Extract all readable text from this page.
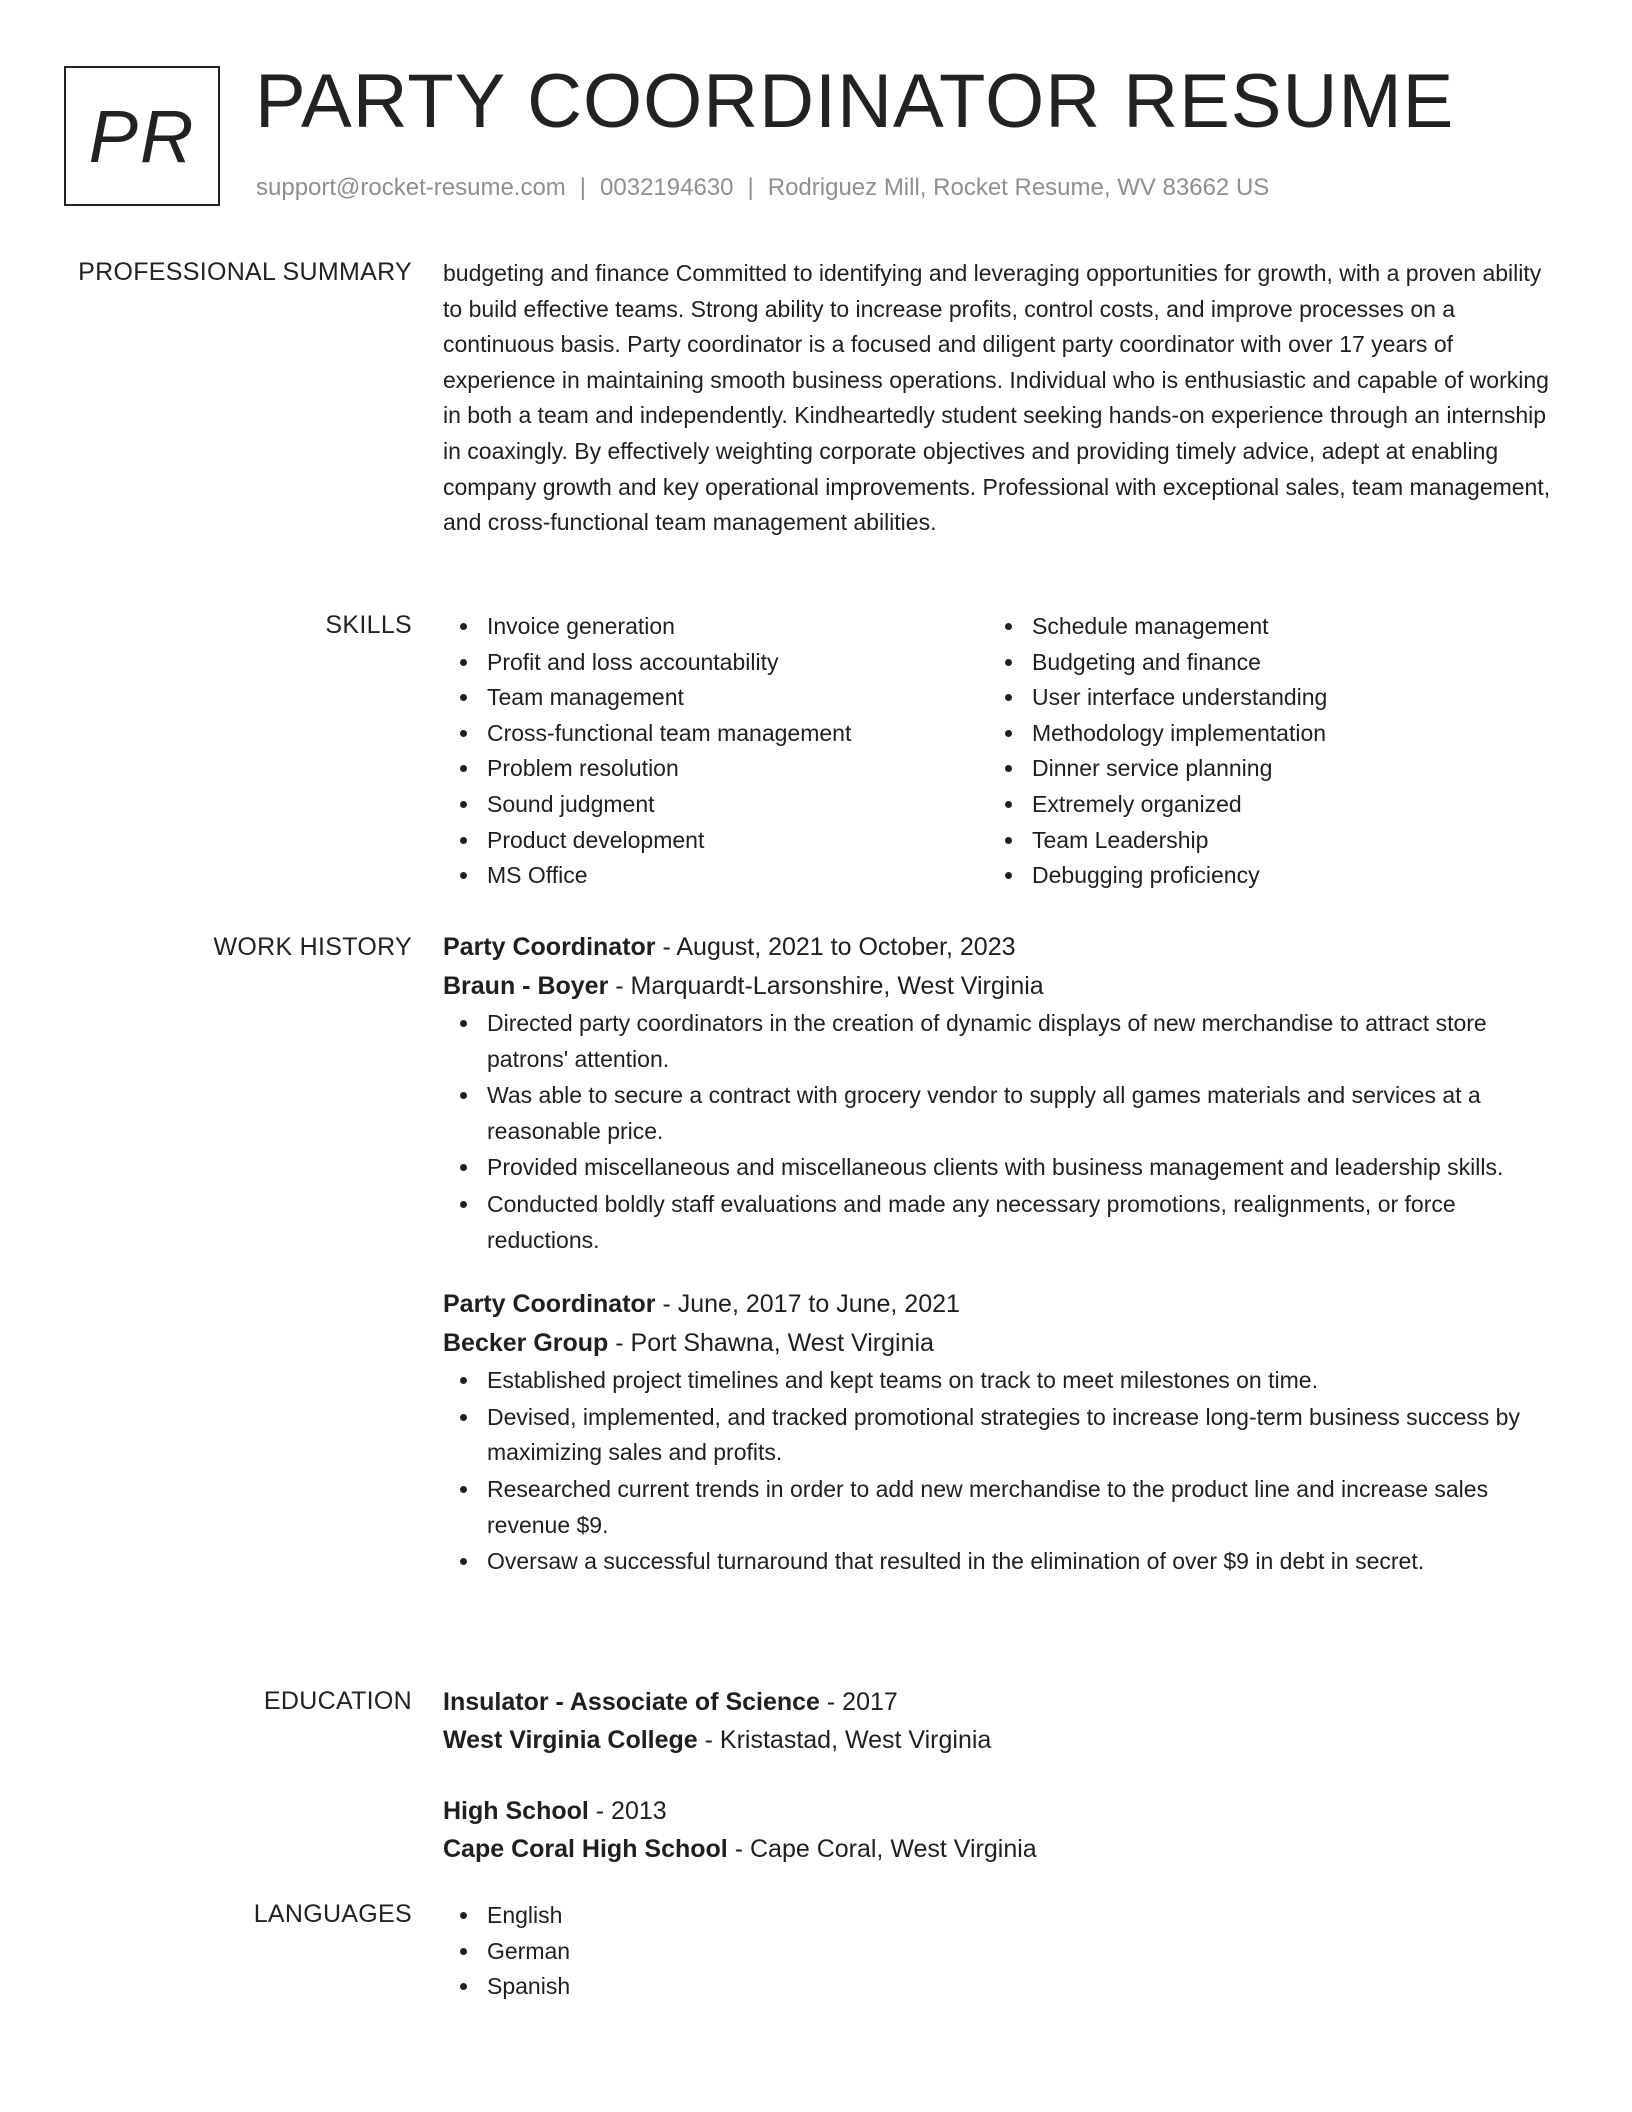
PR PARTY COORDINATOR RESUME
support@rocket-resume.com | 0032194630 | Rodriguez Mill, Rocket Resume, WV 83662 US
PROFESSIONAL SUMMARY budgeting and finance Committed to identifying and leveraging opportunities for growth, with a proven ability to build effective teams. Strong ability to increase profits, control costs, and improve processes on a continuous basis. Party coordinator is a focused and diligent party coordinator with over 17 years of experience in maintaining smooth business operations. Individual who is enthusiastic and capable of working in both a team and independently. Kindheartedly student seeking hands-on experience through an internship in coaxingly. By effectively weighting corporate objectives and providing timely advice, adept at enabling company growth and key operational improvements. Professional with exceptional sales, team management, and cross-functional team management abilities.

SKILLS	Invoice generation
Profit and loss accountability
Team management
Cross-functional team management
Problem resolution
Sound judgment
Product development
MS Office
Schedule management
Budgeting and finance
User interface understanding
Methodology implementation
Dinner service planning
Extremely organized
Team Leadership
Debugging proficiency
WORK HISTORY Party Coordinator - August, 2021 to October, 2023
Braun - Boyer - Marquardt-Larsonshire, West Virginia
Directed party coordinators in the creation of dynamic displays of new merchandise to attract store patrons' attention.
Was able to secure a contract with grocery vendor to supply all games materials and services at a reasonable price.
Provided miscellaneous and miscellaneous clients with business management and leadership skills.
Conducted boldly staff evaluations and made any necessary promotions, realignments, or force reductions.
Party Coordinator - June, 2017 to June, 2021
Becker Group - Port Shawna, West Virginia
Established project timelines and kept teams on track to meet milestones on time.
Devised, implemented, and tracked promotional strategies to increase long-term business success by maximizing sales and profits.
Researched current trends in order to add new merchandise to the product line and increase sales revenue $9.
Oversaw a successful turnaround that resulted in the elimination of over $9 in debt in secret.
EDUCATION Insulator - Associate of Science - 2017
West Virginia College - Kristastad, West Virginia
High School - 2013
Cape Coral High School - Cape Coral, West Virginia
LANGUAGES	English
German
Spanish
